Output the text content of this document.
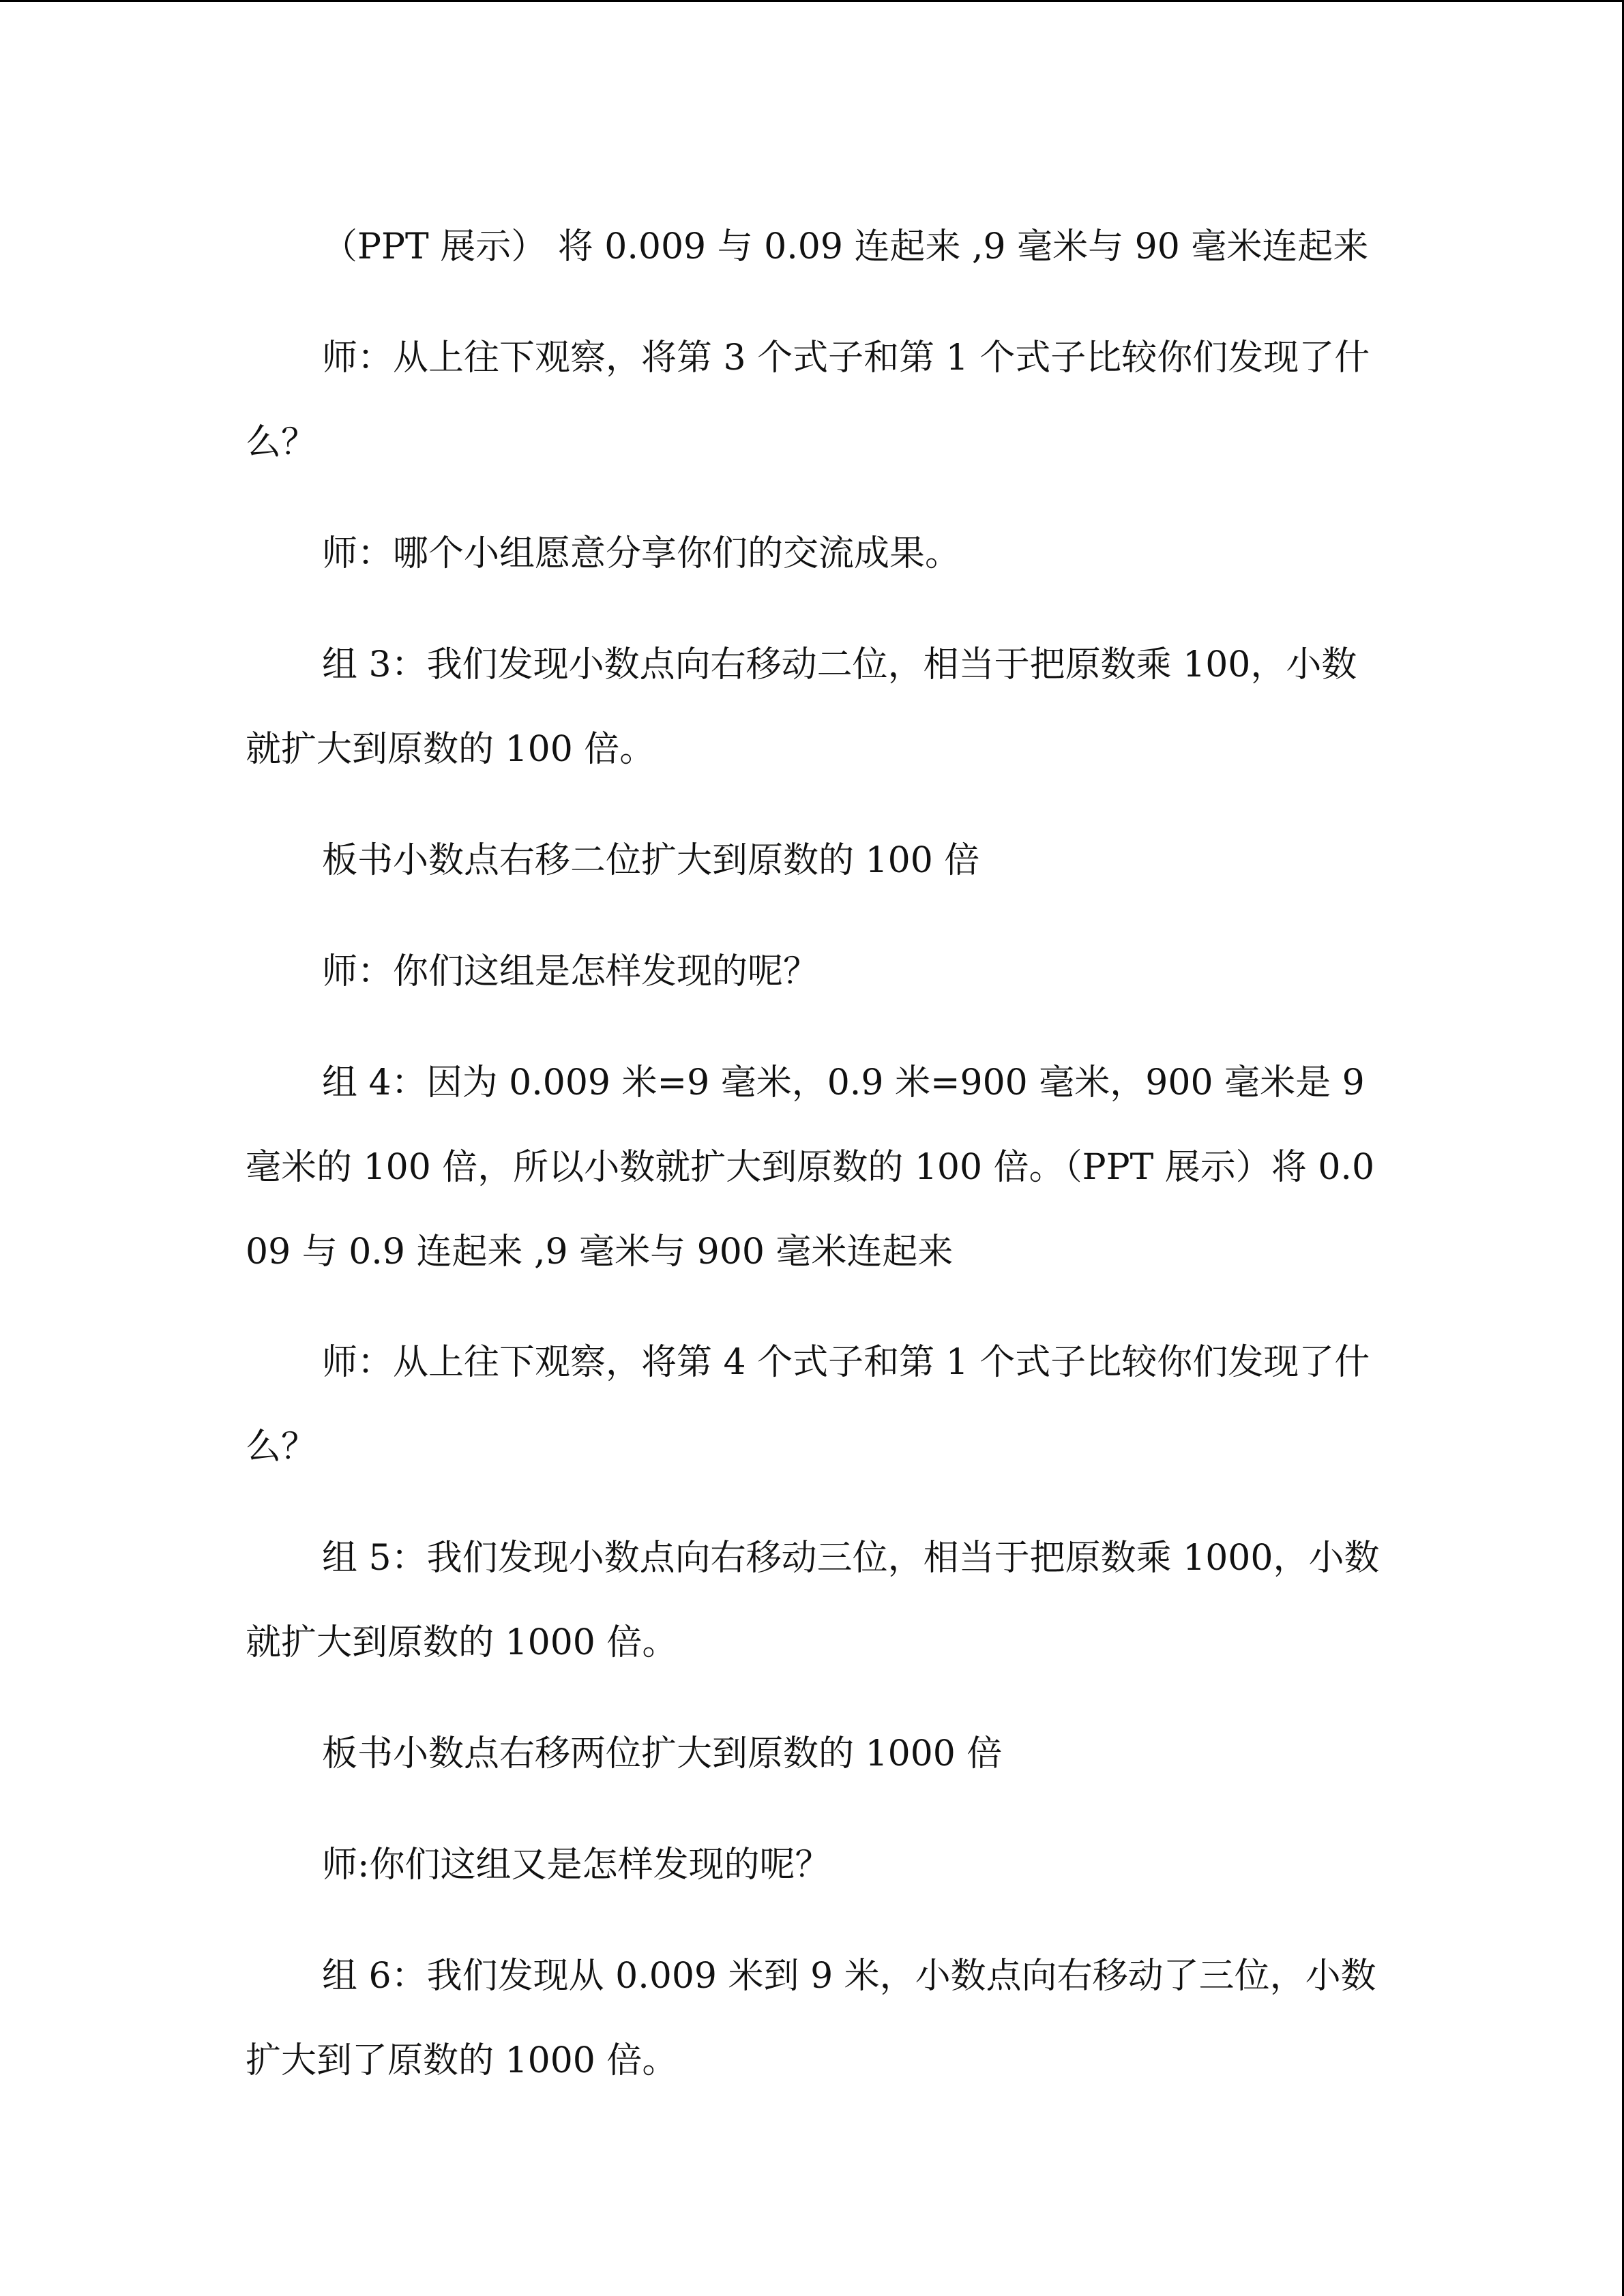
（PPT 展示） 将 0.009 与 0.09 连起来 ,9 毫米与 90 毫米连起来

师：从上往下观察，将第 3 个式子和第 1 个式子比较你们发现了什么？

师：哪个小组愿意分享你们的交流成果。

组 3：我们发现小数点向右移动二位，相当于把原数乘 100，小数就扩大到原数的 100 倍。

板书小数点右移二位扩大到原数的 100 倍

师：你们这组是怎样发现的呢？

组 4：因为 0.009 米=9 毫米，0.9 米=900 毫米，900 毫米是 9 毫米的 100 倍，所以小数就扩大到原数的 100 倍。（PPT 展示）将 0.009 与 0.9 连起来 ,9 毫米与 900 毫米连起来

师：从上往下观察，将第 4 个式子和第 1 个式子比较你们发现了什么？

组 5：我们发现小数点向右移动三位，相当于把原数乘 1000，小数就扩大到原数的 1000 倍。

板书小数点右移两位扩大到原数的 1000 倍

师:你们这组又是怎样发现的呢？

组 6：我们发现从 0.009 米到 9 米，小数点向右移动了三位，小数扩大到了原数的 1000 倍。
